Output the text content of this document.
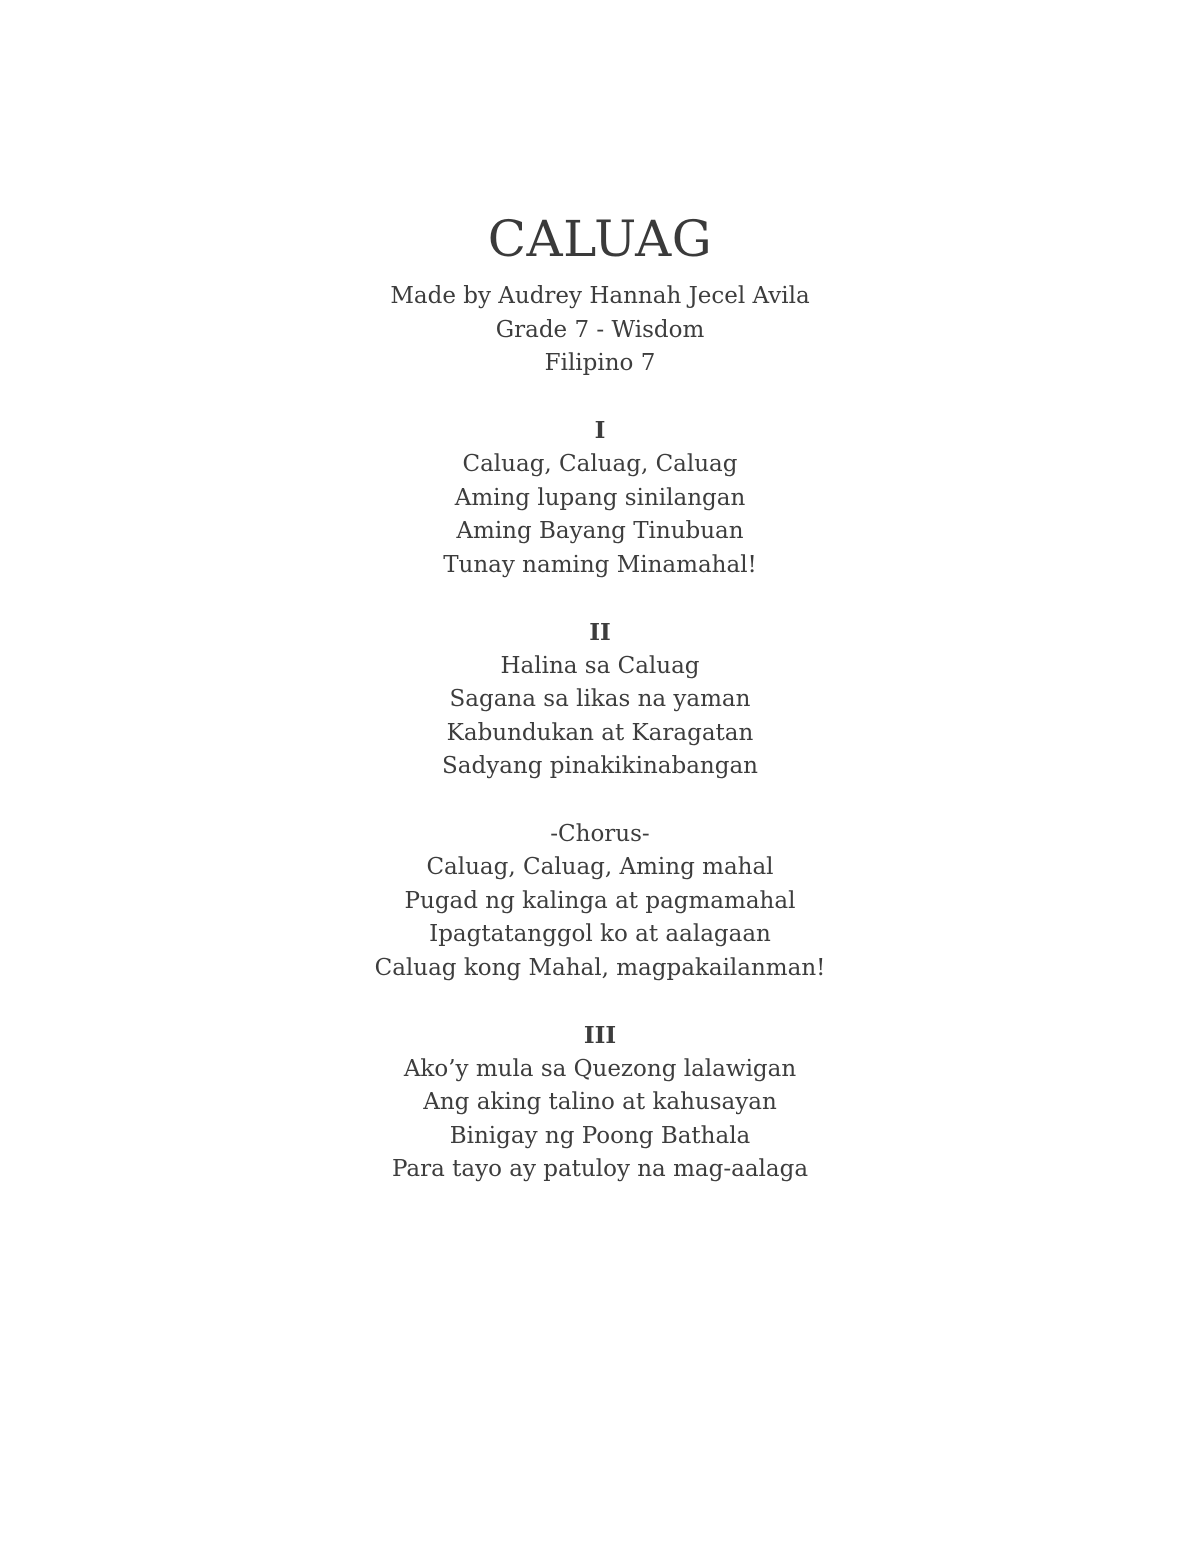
CALUAG

Made by Audrey Hannah Jecel Avila

Grade 7 - Wisdom

Filipino 7

I

Caluag, Caluag, Caluag

Aming lupang sinilangan

Aming Bayang Tinubuan

Tunay naming Minamahal!

II

Halina sa Caluag

Sagana sa likas na yaman

Kabundukan at Karagatan

Sadyang pinakikinabangan

-Chorus-

Caluag, Caluag, Aming mahal

Pugad ng kalinga at pagmamahal

Ipagtatanggol ko at aalagaan

Caluag kong Mahal, magpakailanman!

III

Ako’y mula sa Quezong lalawigan

Ang aking talino at kahusayan

Binigay ng Poong Bathala

Para tayo ay patuloy na mag-aalaga
